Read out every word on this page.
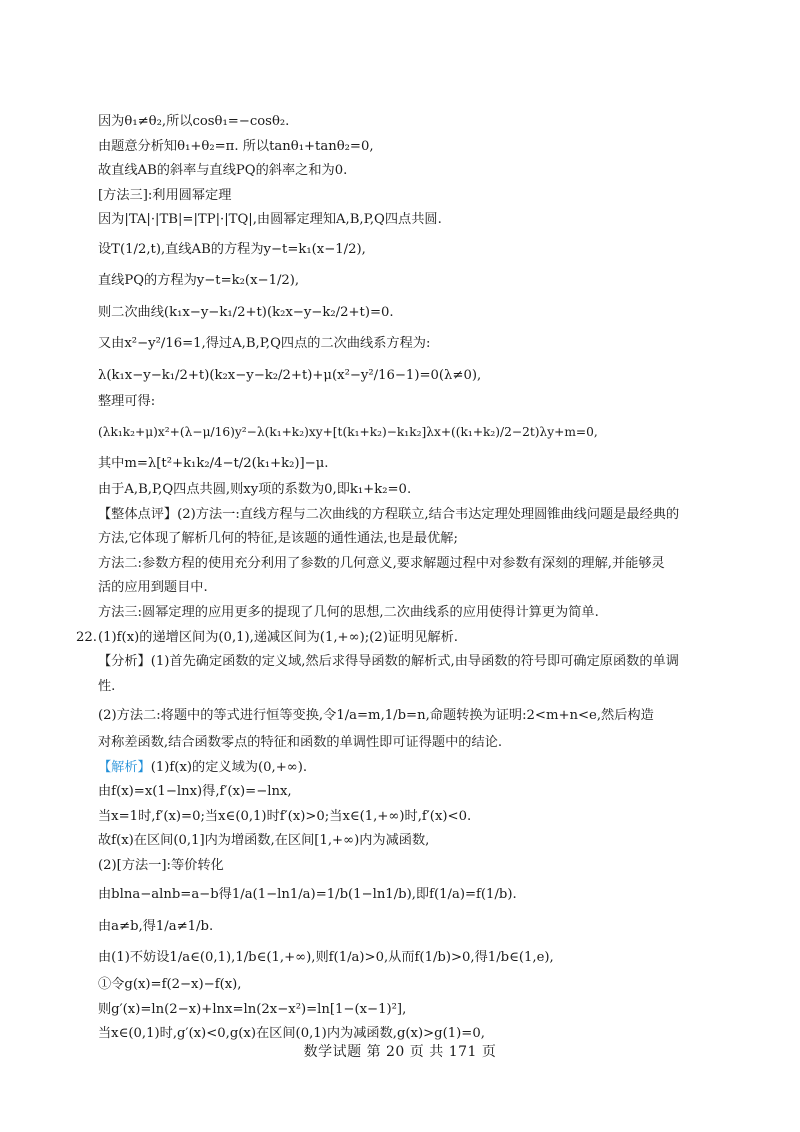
因为θ₁≠θ₂,所以cosθ₁=−cosθ₂.
由题意分析知θ₁+θ₂=π. 所以tanθ₁+tanθ₂=0,
故直线AB的斜率与直线PQ的斜率之和为0.
[方法三]:利用圆幂定理
因为|TA|·|TB|=|TP|·|TQ|,由圆幂定理知A,B,P,Q四点共圆.
设T(1/2,t),直线AB的方程为y−t=k₁(x−1/2),
直线PQ的方程为y−t=k₂(x−1/2),
则二次曲线(k₁x−y−k₁/2+t)(k₂x−y−k₂/2+t)=0.
又由x²−y²/16=1,得过A,B,P,Q四点的二次曲线系方程为:
λ(k₁x−y−k₁/2+t)(k₂x−y−k₂/2+t)+μ(x²−y²/16−1)=0(λ≠0),
整理可得:
(λk₁k₂+μ)x²+(λ−μ/16)y²−λ(k₁+k₂)xy+[t(k₁+k₂)−k₁k₂]λx+((k₁+k₂)/2−2t)λy+m=0,
其中m=λ[t²+k₁k₂/4−t/2(k₁+k₂)]−μ.
由于A,B,P,Q四点共圆,则xy项的系数为0,即k₁+k₂=0.
【整体点评】(2)方法一:直线方程与二次曲线的方程联立,结合韦达定理处理圆锥曲线问题是最经典的
方法,它体现了解析几何的特征,是该题的通性通法,也是最优解;
方法二:参数方程的使用充分利用了参数的几何意义,要求解题过程中对参数有深刻的理解,并能够灵
活的应用到题目中.
方法三:圆幂定理的应用更多的提现了几何的思想,二次曲线系的应用使得计算更为简单.
22. (1)f(x)的递增区间为(0,1),递减区间为(1,+∞);(2)证明见解析.
【分析】(1)首先确定函数的定义域,然后求得导函数的解析式,由导函数的符号即可确定原函数的单调
性.
(2)方法二:将题中的等式进行恒等变换,令1/a=m,1/b=n,命题转换为证明:2<m+n<e,然后构造
对称差函数,结合函数零点的特征和函数的单调性即可证得题中的结论.
【解析】(1)f(x)的定义域为(0,+∞).
由f(x)=x(1−lnx)得,f′(x)=−lnx,
当x=1时,f′(x)=0;当x∈(0,1)时f′(x)>0;当x∈(1,+∞)时,f′(x)<0.
故f(x)在区间(0,1]内为增函数,在区间[1,+∞)内为减函数,
(2)[方法一]:等价转化
由blna−alnb=a−b得1/a(1−ln1/a)=1/b(1−ln1/b),即f(1/a)=f(1/b).
由a≠b,得1/a≠1/b.
由(1)不妨设1/a∈(0,1),1/b∈(1,+∞),则f(1/a)>0,从而f(1/b)>0,得1/b∈(1,e),
①令g(x)=f(2−x)−f(x),
则g′(x)=ln(2−x)+lnx=ln(2x−x²)=ln[1−(x−1)²],
当x∈(0,1)时,g′(x)<0,g(x)在区间(0,1)内为减函数,g(x)>g(1)=0,
数学试题 第 20 页 共 171 页
